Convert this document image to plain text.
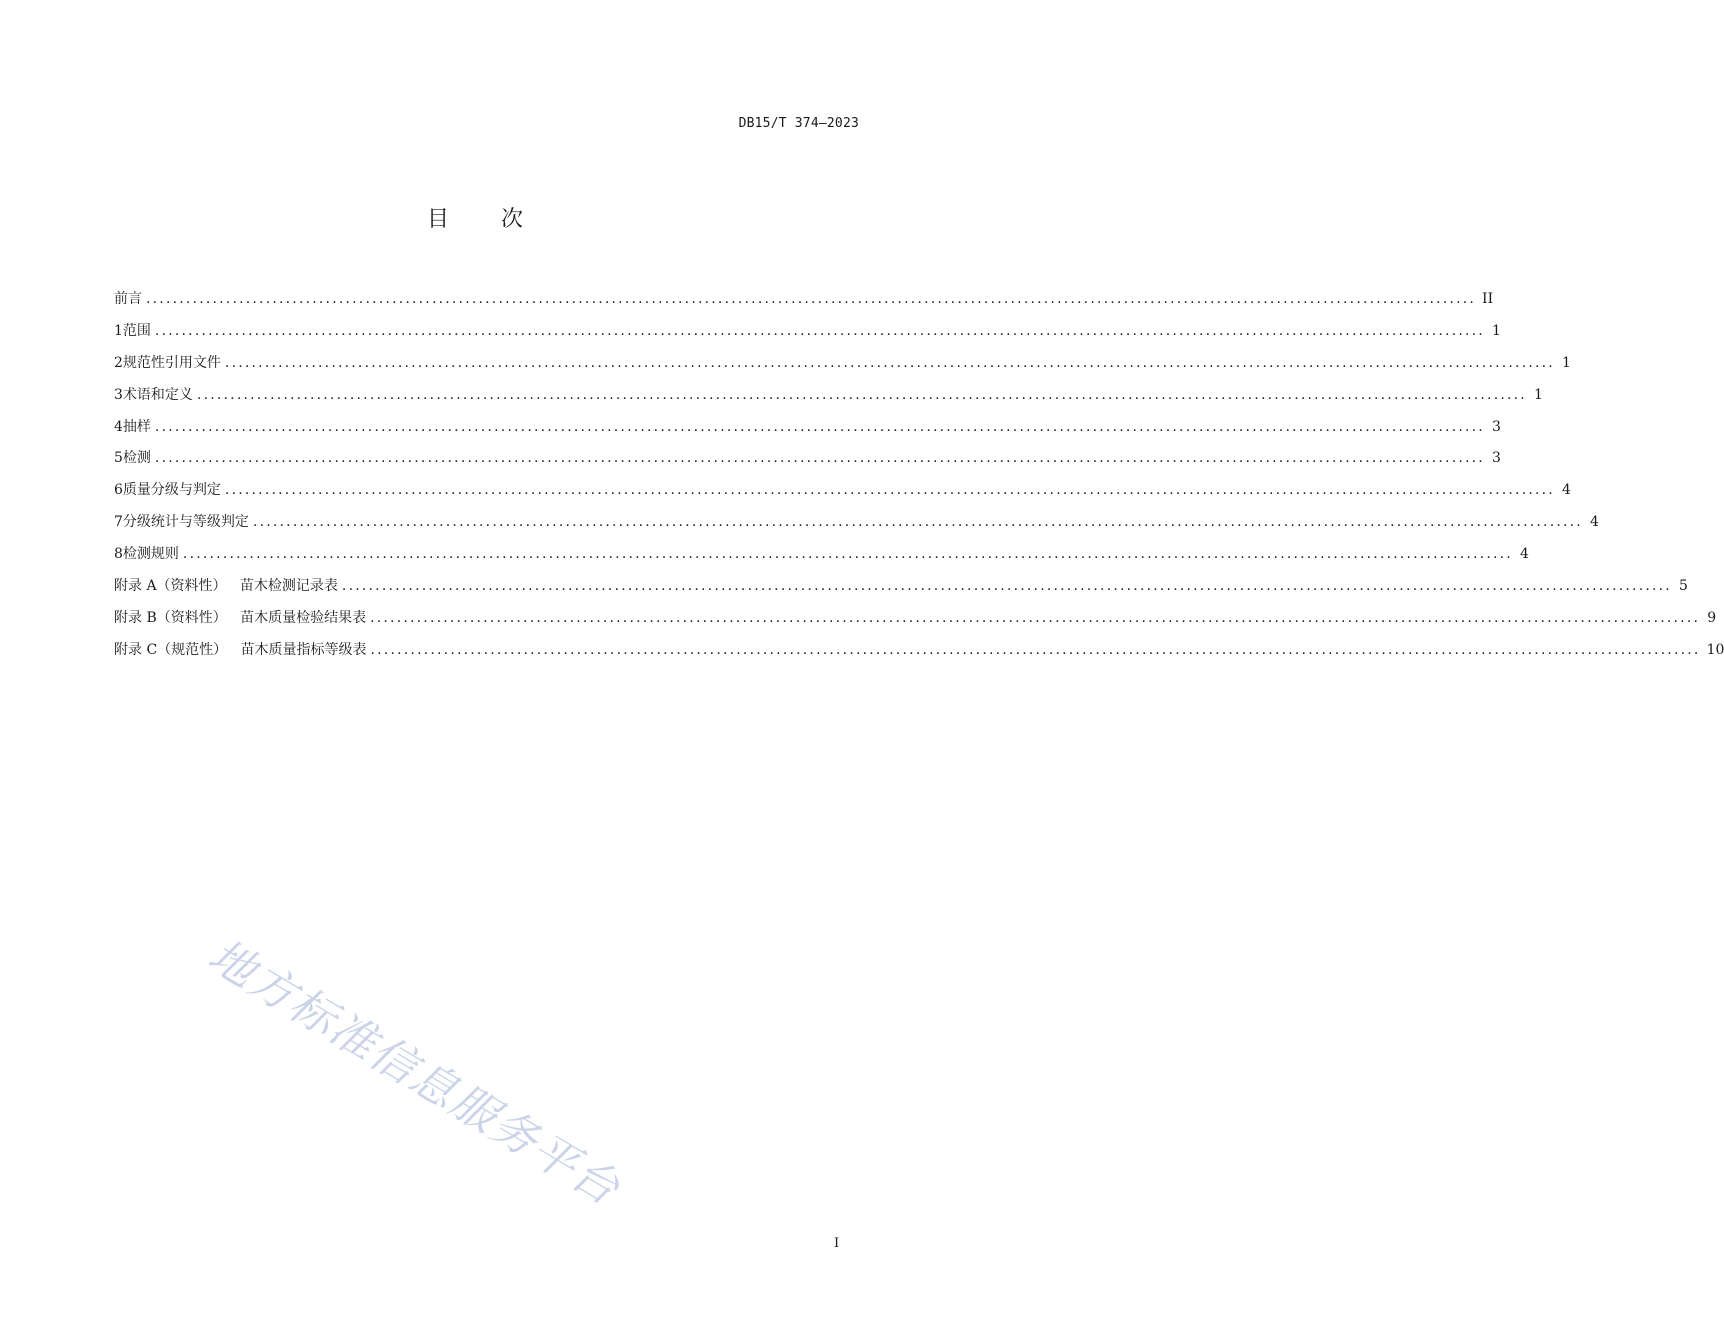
DB15/T 374—2023
目 次
前言 ........................................................................................................................................................................................................ II
1 范围 ........................................................................................................................................................................................................ 1
2 规范性引用文件 ........................................................................................................................................................................................................ 1
3 术语和定义 ........................................................................................................................................................................................................ 1
4 抽样 ........................................................................................................................................................................................................ 3
5 检测 ........................................................................................................................................................................................................ 3
6 质量分级与判定 ........................................................................................................................................................................................................ 4
7 分级统计与等级判定 ........................................................................................................................................................................................................ 4
8 检测规则 ........................................................................................................................................................................................................ 4
附录 A（资料性）   苗木检测记录表 ........................................................................................................................................................................................................ 5
附录 B（资料性）   苗木质量检验结果表 ........................................................................................................................................................................................................ 9
附录 C（规范性）   苗木质量指标等级表 ........................................................................................................................................................................................................ 10
地方标准信息服务平台
I
